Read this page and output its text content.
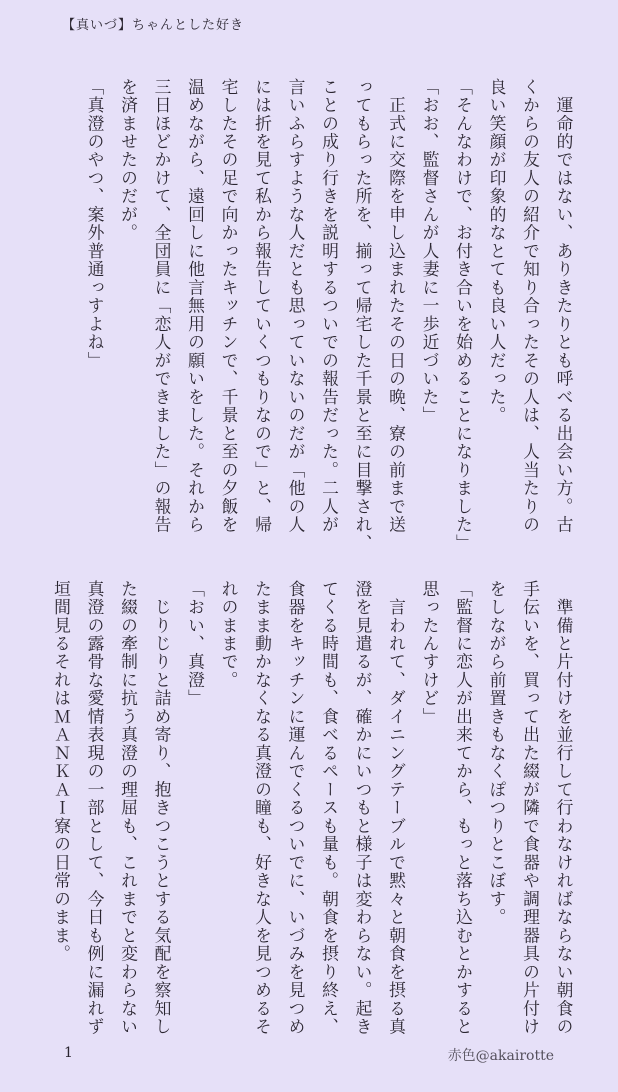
【真いづ】ちゃんとした好き

　運命的ではない、ありきたりとも呼べる出会い方。古

くからの友人の紹介で知り合ったその人は、人当たりの

良い笑顔が印象的なとても良い人だった。

「そんなわけで、お付き合いを始めることになりました」

「おお、監督さんが人妻に一歩近づいた」

　正式に交際を申し込まれたその日の晩、寮の前まで送

ってもらった所を、揃って帰宅した千景と至に目撃され、

ことの成り行きを説明するついでの報告だった。二人が

言いふらすような人だとも思っていないのだが「他の人

には折を見て私から報告していくつもりなので」と、帰

宅したその足で向かったキッチンで、千景と至の夕飯を

温めながら、遠回しに他言無用の願いをした。それから

三日ほどかけて、全団員に「恋人ができました」の報告

を済ませたのだが。

「真澄のやつ、案外普通っすよね」

　準備と片付けを並行して行わなければならない朝食の

手伝いを、買って出た綴が隣で食器や調理器具の片付け

をしながら前置きもなくぽつりとこぼす。

「監督に恋人が出来てから、もっと落ち込むとかすると

思ったんすけど」

　言われて、ダイニングテーブルで黙々と朝食を摂る真

澄を見遣るが、確かにいつもと様子は変わらない。起き

てくる時間も、食べるペースも量も。朝食を摂り終え、

食器をキッチンに運んでくるついでに、いづみを見つめ

たまま動かなくなる真澄の瞳も、好きな人を見つめるそ

れのままで。

「おい、真澄」

　じりじりと詰め寄り、抱きつこうとする気配を察知し

た綴の牽制に抗う真澄の理屈も、これまでと変わらない

真澄の露骨な愛情表現の一部として、今日も例に漏れず

垣間見るそれはＭＡＮＫＡＩ寮の日常のまま。

1	赤色@akairotte
